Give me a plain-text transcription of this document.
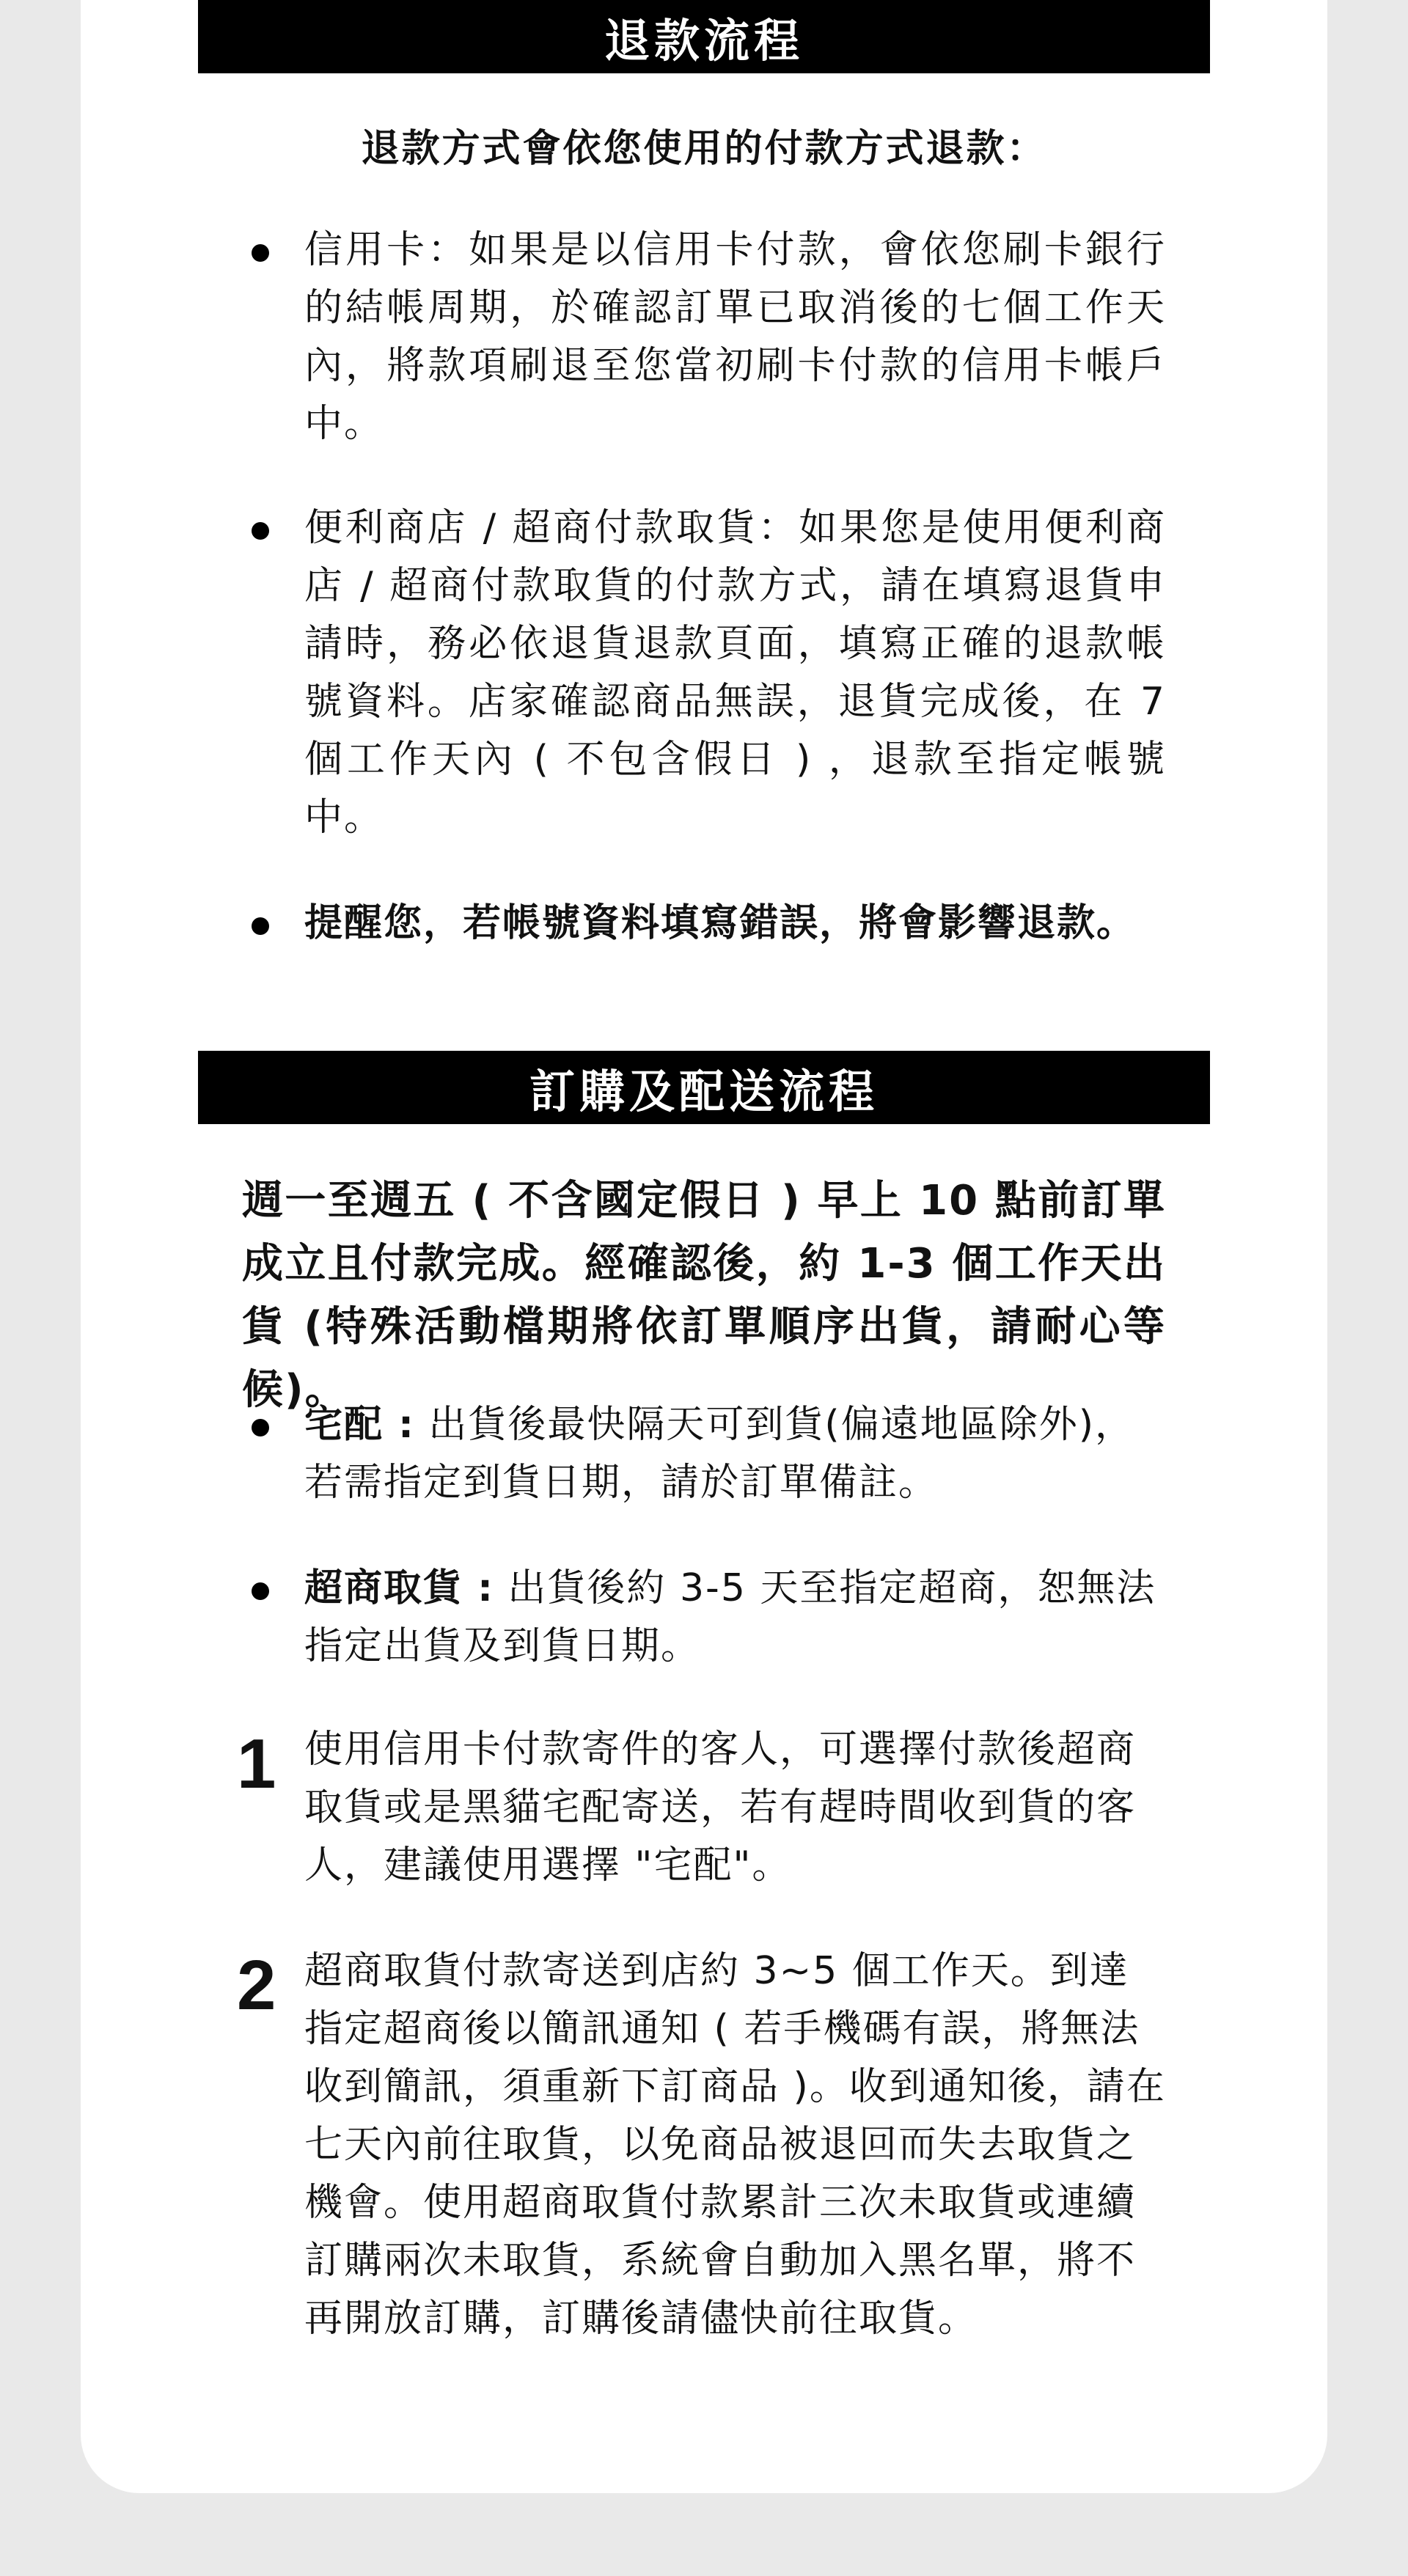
退款流程
退款方式會依您使用的付款方式退款：
信用卡：如果是以信用卡付款，會依您刷卡銀行的結帳周期，於確認訂單已取消後的七個工作天內，將款項刷退至您當初刷卡付款的信用卡帳戶中。
便利商店 / 超商付款取貨：如果您是使用便利商店 / 超商付款取貨的付款方式，請在填寫退貨申請時，務必依退貨退款頁面，填寫正確的退款帳號資料。店家確認商品無誤，退貨完成後，在 7 個工作天內 ( 不包含假日 ) ，退款至指定帳號中。
提醒您，若帳號資料填寫錯誤，將會影響退款。
訂購及配送流程
週一至週五 ( 不含國定假日 ) 早上 10 點前訂單成立且付款完成。經確認後，約 1-3 個工作天出貨 (特殊活動檔期將依訂單順序出貨，請耐心等候)。
宅配 : 出貨後最快隔天可到貨(偏遠地區除外)，若需指定到貨日期，請於訂單備註。
超商取貨 : 出貨後約 3-5 天至指定超商，恕無法指定出貨及到貨日期。
1 使用信用卡付款寄件的客人，可選擇付款後超商取貨或是黑貓宅配寄送，若有趕時間收到貨的客人，建議使用選擇 "宅配"。
2 超商取貨付款寄送到店約 3~5 個工作天。到達指定超商後以簡訊通知 ( 若手機碼有誤，將無法收到簡訊，須重新下訂商品 )。收到通知後，請在七天內前往取貨，以免商品被退回而失去取貨之機會。使用超商取貨付款累計三次未取貨或連續訂購兩次未取貨，系統會自動加入黑名單，將不再開放訂購，訂購後請儘快前往取貨。
